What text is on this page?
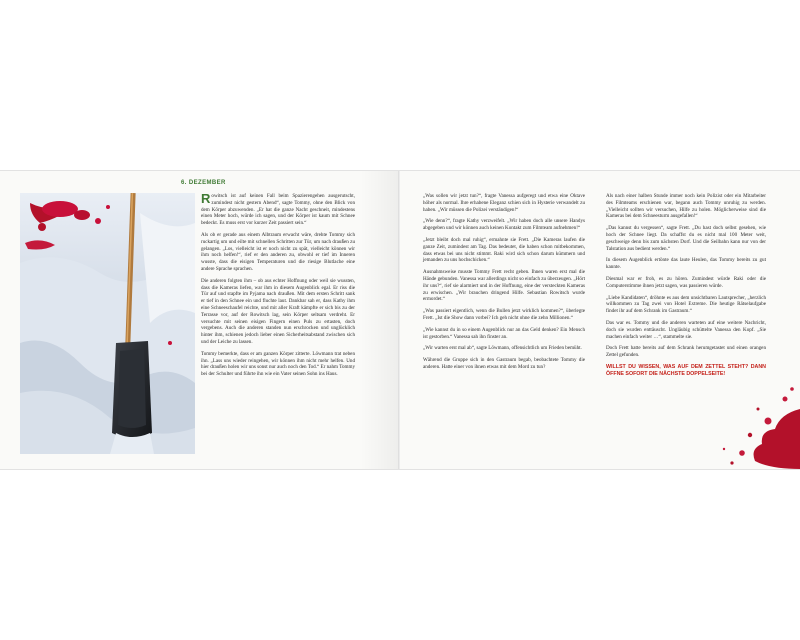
6. DEZEMBER

R owitsch ist auf keinen Fall beim Spazierengehen ausgerutscht, zumindest nicht gestern Abend“, sagte Tommy, ohne den Blick von dem Körper abzuwenden. „Er hat die ganze Nacht geschneit, mindestens einen Meter hoch, würde ich sagen, und der Körper ist kaum mit Schnee bedeckt. Es muss erst vor kurzer Zeit passiert sein.“

Als ob er gerade aus einem Albtraum erwacht wäre, drehte Tommy sich ruckartig um und eilte mit schnellen Schritten zur Tür, um nach draußen zu gelangen. „Los, vielleicht ist er noch nicht zu spät, vielleicht können wir ihm noch helfen!“, rief er den anderen zu, obwohl er tief im Inneren wusste, dass die eisigen Temperaturen und die riesige Blutlache eine andere Sprache sprachen.

Die anderen folgten ihm – ob aus echter Hoffnung oder weil sie wussten, dass die Kameras liefen, war ihm in diesem Augenblick egal. Er riss die Tür auf und stapfte im Pyjama nach draußen. Mit dem ersten Schritt sank er tief in den Schnee ein und fluchte laut. Dankbar sah er, dass Kathy ihm eine Schneeschaufel reichte, und mit aller Kraft kämpfte er sich bis zu der Terrasse vor, auf der Rowitsch lag, sein Körper seltsam verdreht. Er versuchte mit seinen eisigen Fingern einen Puls zu ertasten, doch vergebens. Auch die anderen standen nun erschrocken und unglücklich hinter ihm, schienen jedoch lieber einen Sicherheitsabstand zwischen sich und der Leiche zu lassen.

Tommy bemerkte, dass er am ganzen Körper zitterte. Löwmann trat neben ihn. „Lass uns wieder reingehen, wir können ihm nicht mehr helfen. Und hier draußen holen wir uns sonst nur auch noch den Tod.“ Er nahm Tommy bei der Schulter und führte ihn wie ein Vater seinen Sohn ins Haus.

„Was sollen wir jetzt tun?“, fragte Vanessa aufgeregt und etwa eine Oktave höher als normal. Ihre erhabene Eleganz schien sich in Hysterie verwandelt zu haben. „Wir müssen die Polizei verständigen!“

„Wie denn?“, fragte Kathy verzweifelt. „Wir haben doch alle unsere Handys abgegeben und wir können auch keinen Kontakt zum Filmteam aufnehmen!“

„Jetzt bleibt doch mal ruhig“, ermahnte sie Frett. „Die Kameras laufen die ganze Zeit, zumindest am Tag. Das bedeutet, die haben schon mitbekommen, dass etwas bei uns nicht stimmt. Raki wird sich schon darum kümmern und jemanden zu uns hochschicken.“

Ausnahmsweise musste Tommy Frett recht geben. Ihnen waren erst mal die Hände gebunden. Vanessa war allerdings nicht so einfach zu überzeugen. „Hört ihr uns?“, rief sie alarmiert und in der Hoffnung, eine der versteckten Kameras zu erwischen. „Wir brauchen dringend Hilfe. Sebastian Rowitsch wurde ermordet.“

„Was passiert eigentlich, wenn die Bullen jetzt wirklich kommen?“, überlegte Frett. „Ist die Show dann vorbei? Ich geh nicht ohne die zehn Millionen.“

„Wie kannst du in so einem Augenblick nur an das Geld denken? Ein Mensch ist gestorben.“ Vanessa sah ihn finster an.

„Wir warten erst mal ab“, sagte Löwmann, offensichtlich um Frieden bemüht.

Während die Gruppe sich in den Gastraum begab, beobachtete Tommy die anderen. Hatte einer von ihnen etwas mit dem Mord zu tun?

Als nach einer halben Stunde immer noch kein Polizist oder ein Mitarbeiter des Filmteams erschienen war, begann auch Tommy unruhig zu werden. „Vielleicht sollten wir versuchen, Hilfe zu holen. Möglicherweise sind die Kameras bei dem Schneesturm ausgefallen!“

„Das kannst du vergessen“, sagte Frett. „Du hast doch selbst gesehen, wie hoch der Schnee liegt. Da schaffst du es nicht mal 100 Meter weit, geschweige denn bis zum nächsten Dorf. Und die Seilbahn kann nur von der Talstation aus bedient werden.“

In diesem Augenblick ertönte das laute Heulen, das Tommy bereits zu gut kannte.

Diesmal war er froh, es zu hören. Zumindest würde Raki oder die Computerstimme ihnen jetzt sagen, was passieren würde.

„Liebe Kandidaten“, dröhnte es aus dem unsichtbaren Lautsprecher, „herzlich willkommen zu Tag zwei von Hotel Extreme. Die heutige Rätselaufgabe findet ihr auf dem Schrank im Gastraum.“

Das war es. Tommy und die anderen warteten auf eine weitere Nachricht, doch sie wurden enttäuscht. Ungläubig schüttelte Vanessa den Kopf. „Sie machen einfach weiter …“, stammelte sie.

Doch Frett hatte bereits auf dem Schrank herumgetastet und einen orangen Zettel gefunden.

WILLST DU WISSEN, WAS AUF DEM ZETTEL STEHT? DANN ÖFFNE SOFORT DIE NÄCHSTE DOPPELSEITE!
